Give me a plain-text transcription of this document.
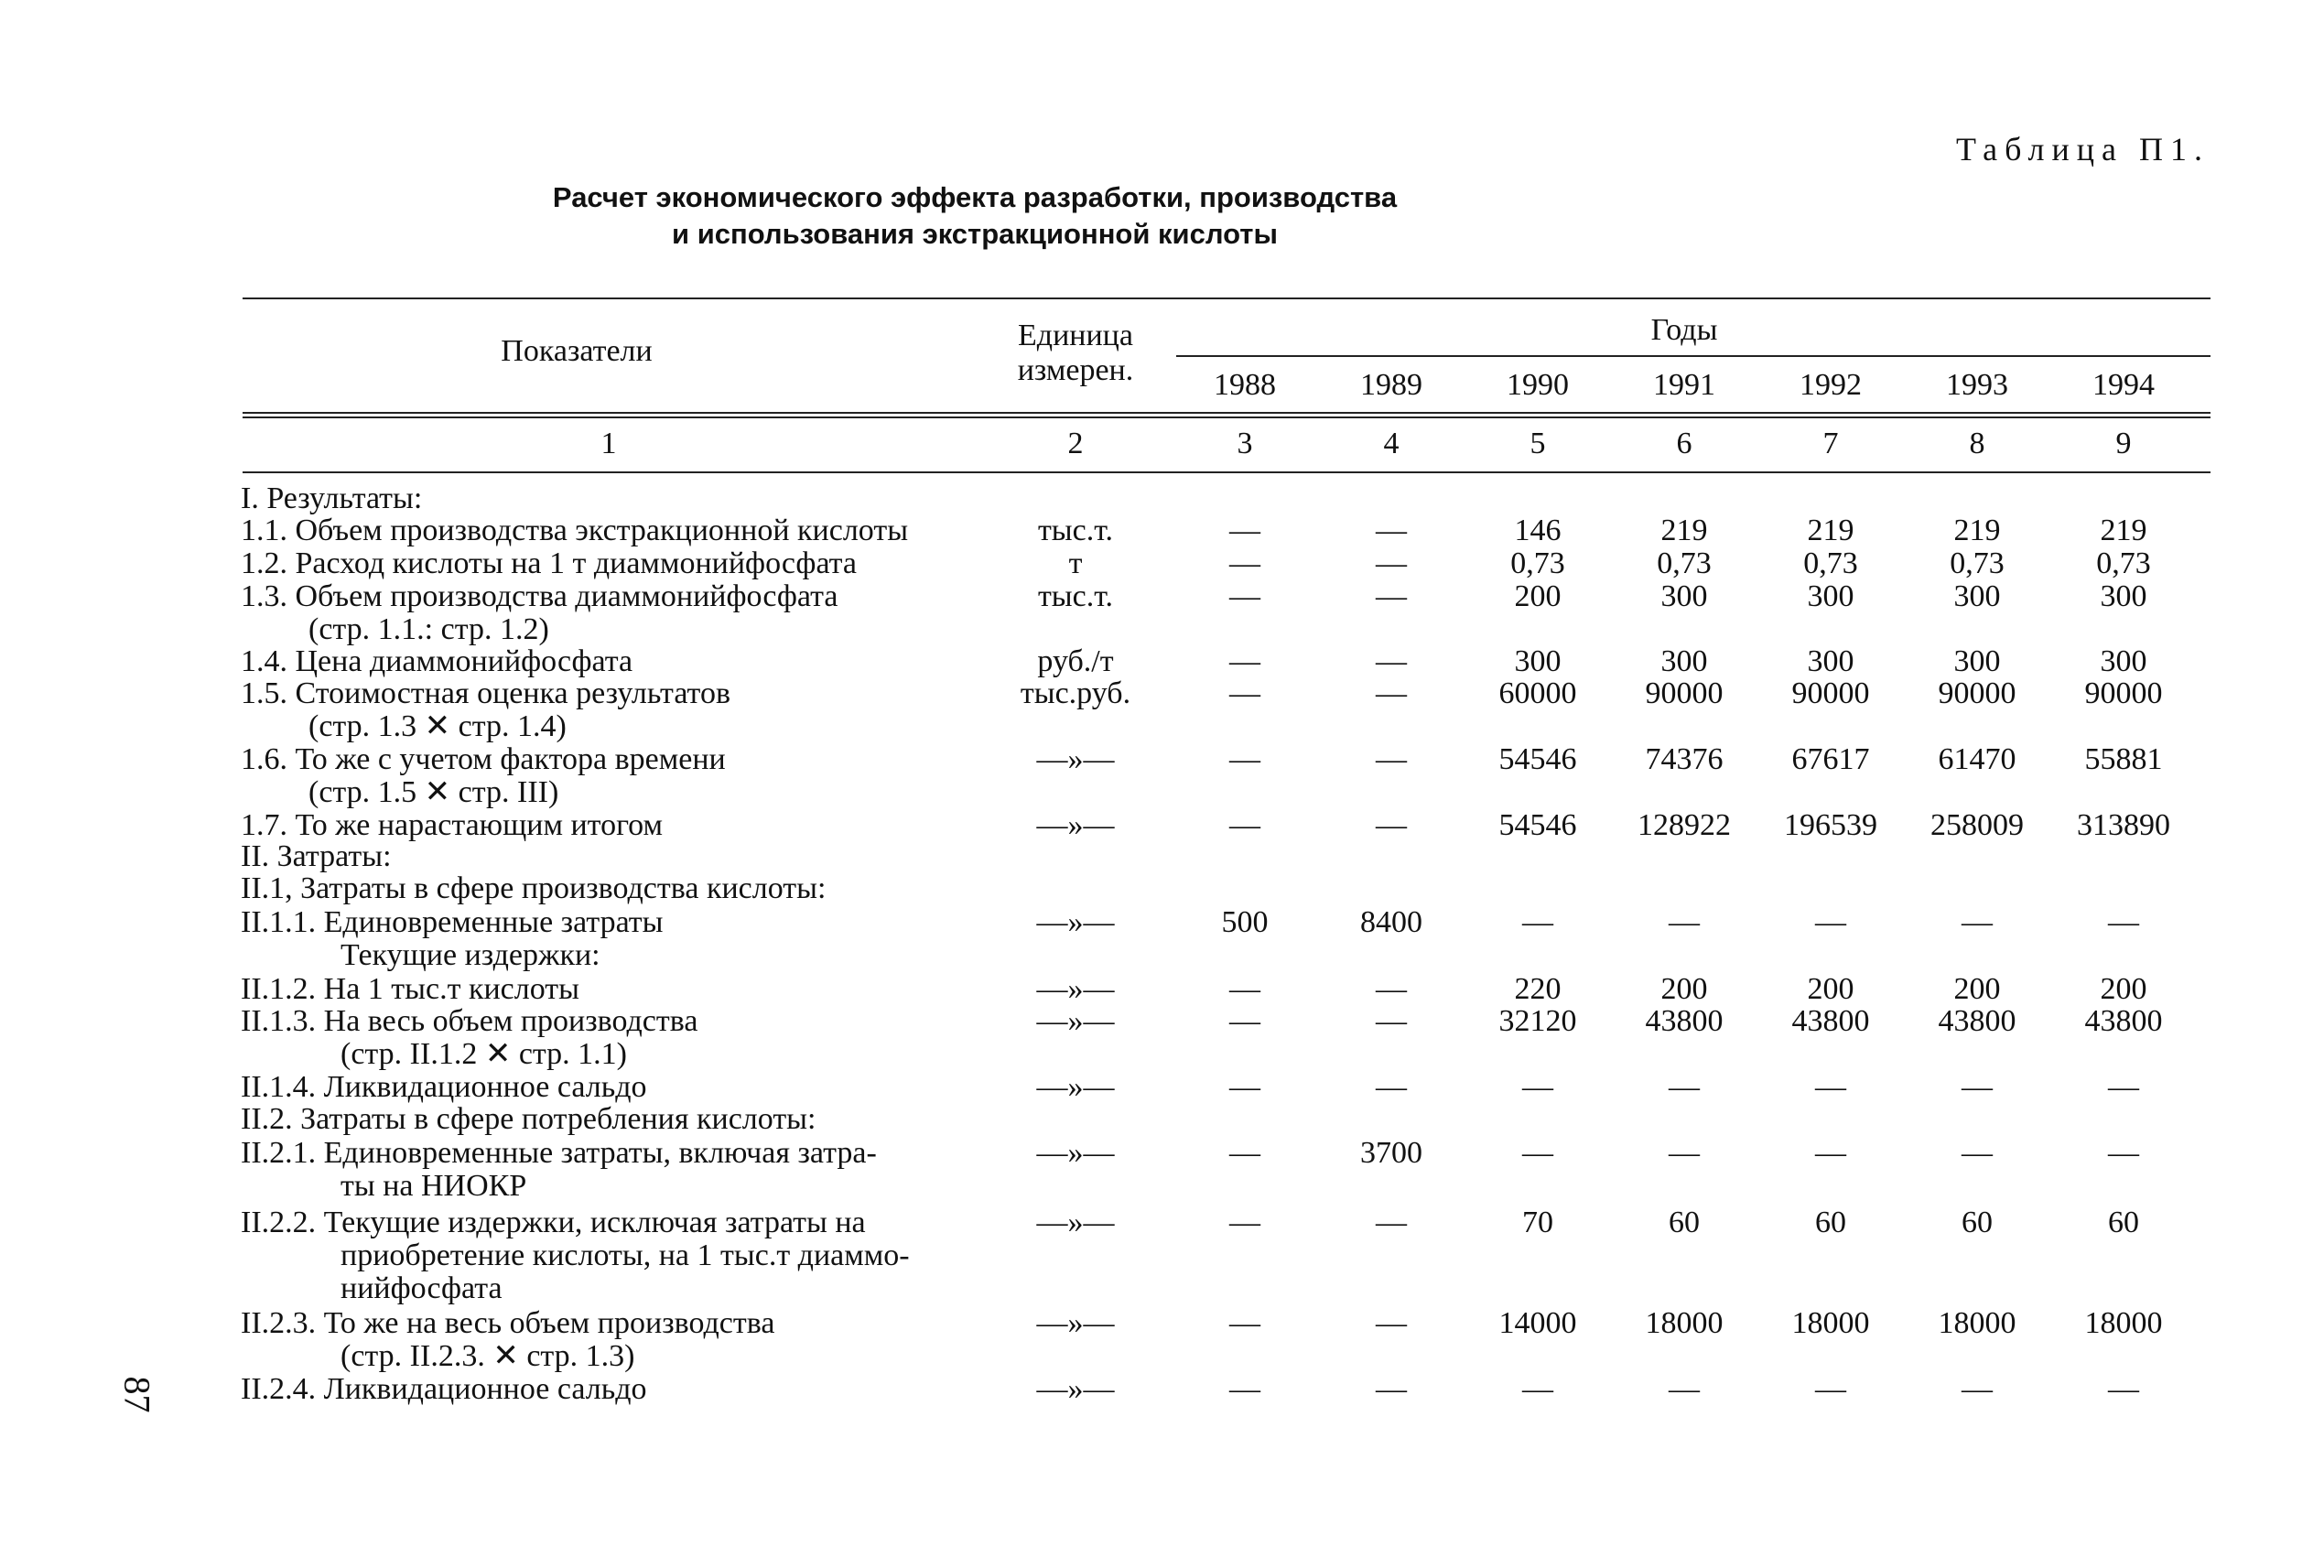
Таблица П1.
Расчет экономического эффекта разработки, производства
и использования экстракционной кислоты
87
Показатели	Единица
измерен.
Годы
1988	1989	1990	1991	1992	1993	1994
1	2	3	4	5	6	7	8	9
I. Результаты:
1.1. Объем производства экстракционной кислоты	тыс.т.	—	—	146	219	219	219	219
1.2. Расход кислоты на 1 т диаммонийфосфата	т	—	—	0,73	0,73	0,73	0,73	0,73
1.3. Объем производства диаммонийфосфата	тыс.т.	—	—	200	300	300	300	300
(стр. 1.1.: стр. 1.2)
1.4. Цена диаммонийфосфата	руб./т	—	—	300	300	300	300	300
1.5. Стоимостная оценка результатов	тыс.руб.	—	—	60000	90000	90000	90000	90000
(стр. 1.3 ✕ стр. 1.4)
1.6. То же с учетом фактора времени	—»—	—	—	54546	74376	67617	61470	55881
(стр. 1.5 ✕ стр. III)
1.7. То же нарастающим итогом	—»—	—	—	54546	128922	196539	258009	313890
II. Затраты:
II.1, Затраты в сфере производства кислоты:
II.1.1. Единовременные затраты	—»—	500	8400	—	—	—	—	—
Текущие издержки:
II.1.2. На 1 тыс.т кислоты	—»—	—	—	220	200	200	200	200
II.1.3. На весь объем производства	—»—	—	—	32120	43800	43800	43800	43800
(стр. II.1.2 ✕ стр. 1.1)
II.1.4. Ликвидационное сальдо	—»—	—	—	—	—	—	—	—
II.2. Затраты в сфере потребления кислоты:
II.2.1. Единовременные затраты, включая затра-	—»—	—	3700	—	—	—	—	—
ты на НИОКР
II.2.2. Текущие издержки, исключая затраты на	—»—	—	—	70	60	60	60	60
приобретение кислоты, на 1 тыс.т диаммо-
нийфосфата
II.2.3. То же на весь объем производства	—»—	—	—	14000	18000	18000	18000	18000
(стр. II.2.3. ✕ стр. 1.3)
II.2.4. Ликвидационное сальдо	—»—	—	—	—	—	—	—	—
